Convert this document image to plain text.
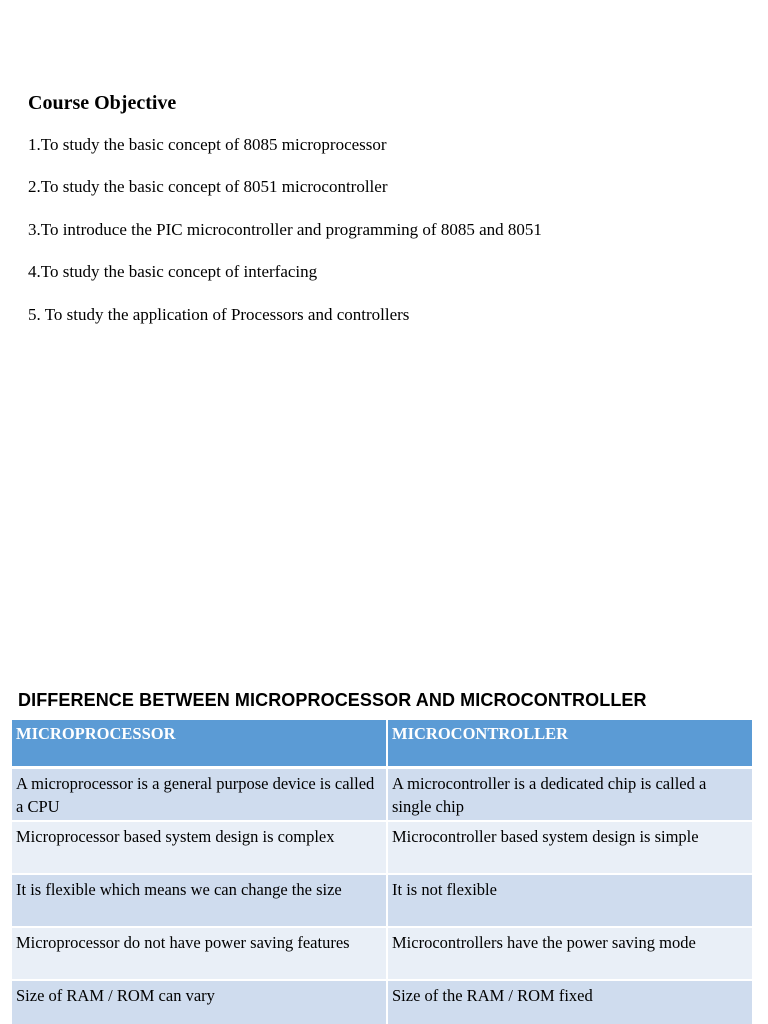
Course Objective
1.To study the basic concept of 8085 microprocessor
2.To study the basic concept of 8051 microcontroller
3.To introduce the PIC microcontroller and programming of 8085 and 8051
4.To study the basic concept of interfacing
5. To study the application of Processors and controllers
DIFFERENCE BETWEEN MICROPROCESSOR AND MICROCONTROLLER
MICROPROCESSOR	MICROCONTROLLER
A microprocessor is a general purpose device is called a CPU	A microcontroller is a dedicated chip is called a single chip
Microprocessor based system design is complex	Microcontroller based system design is simple
It is flexible which means we can change the size	It is not flexible
Microprocessor do not have power saving features	Microcontrollers have the power saving mode
Size of RAM / ROM can vary	Size of the RAM / ROM fixed
